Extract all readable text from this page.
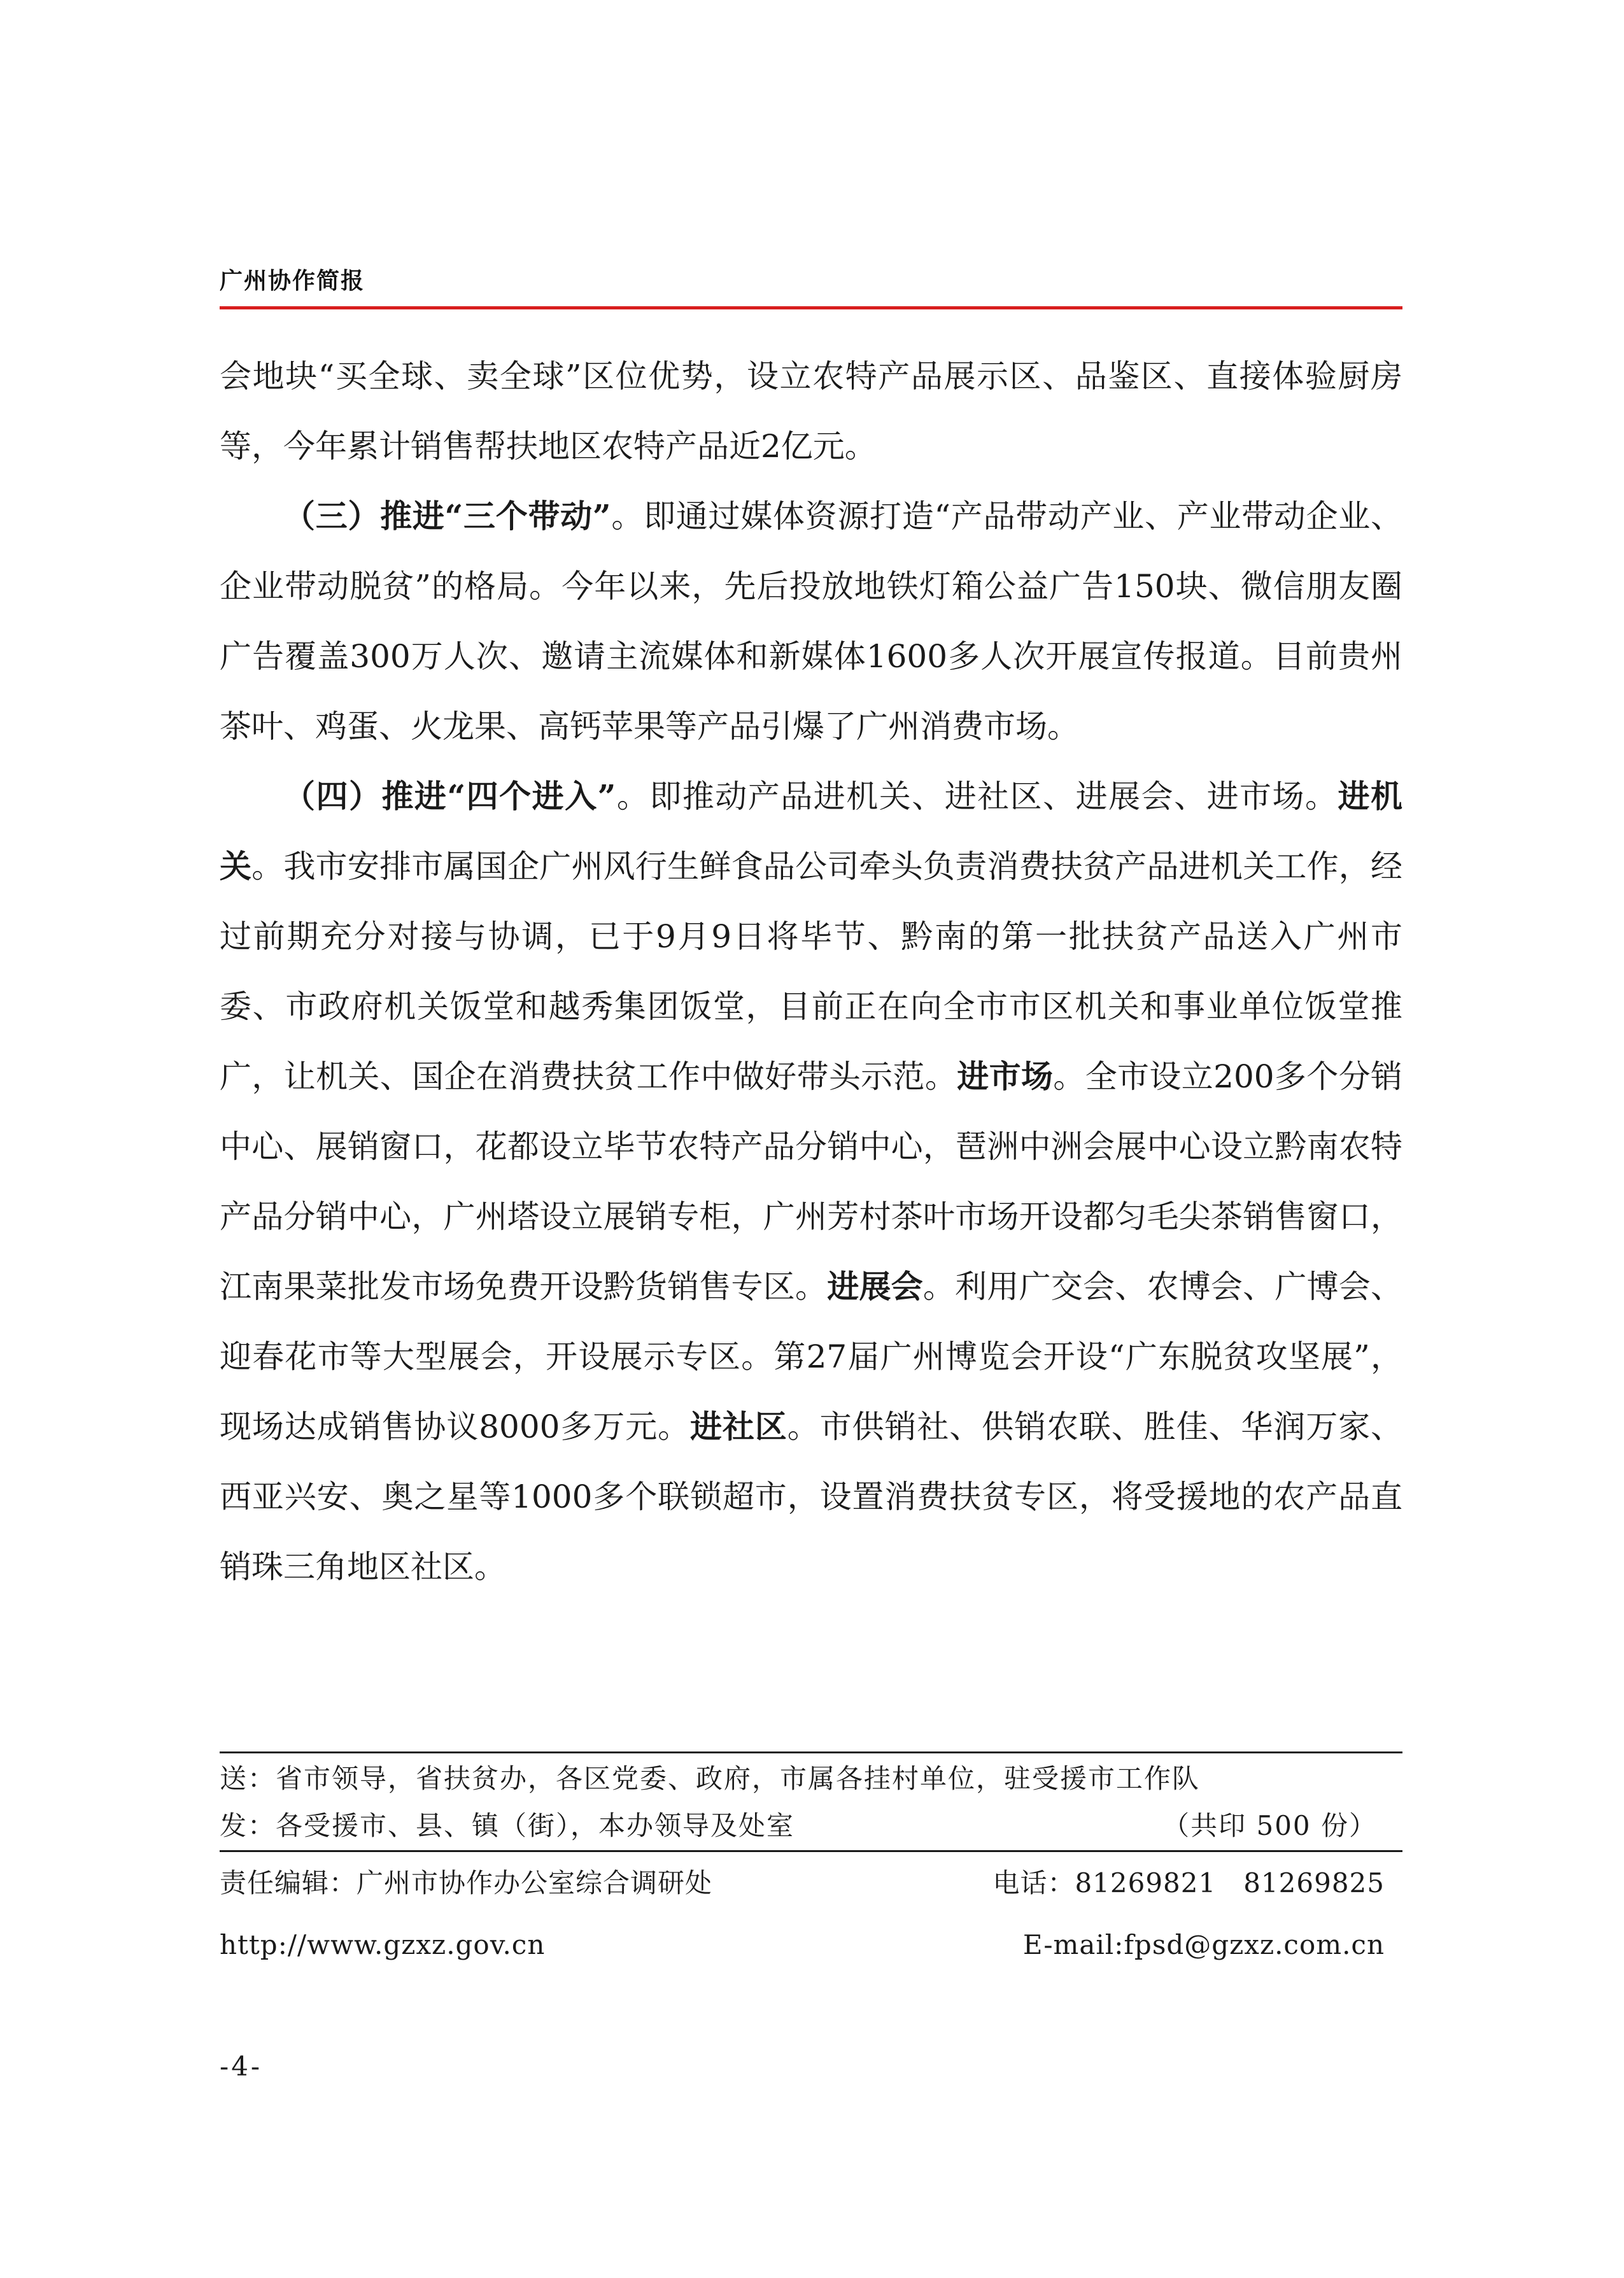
广州协作简报

会地块“买全球、卖全球”区位优势，设立农特产品展示区、品鉴区、直接体验厨房等，今年累计销售帮扶地区农特产品近2亿元。

（三）推进“三个带动”。即通过媒体资源打造“产品带动产业、产业带动企业、企业带动脱贫”的格局。今年以来，先后投放地铁灯箱公益广告150块、微信朋友圈广告覆盖300万人次、邀请主流媒体和新媒体1600多人次开展宣传报道。目前贵州茶叶、鸡蛋、火龙果、高钙苹果等产品引爆了广州消费市场。

（四）推进“四个进入”。即推动产品进机关、进社区、进展会、进市场。进机关。我市安排市属国企广州风行生鲜食品公司牵头负责消费扶贫产品进机关工作，经过前期充分对接与协调，已于9月9日将毕节、黔南的第一批扶贫产品送入广州市委、市政府机关饭堂和越秀集团饭堂，目前正在向全市市区机关和事业单位饭堂推广，让机关、国企在消费扶贫工作中做好带头示范。进市场。全市设立200多个分销中心、展销窗口，花都设立毕节农特产品分销中心，琶洲中洲会展中心设立黔南农特产品分销中心，广州塔设立展销专柜，广州芳村茶叶市场开设都匀毛尖茶销售窗口，江南果菜批发市场免费开设黔货销售专区。进展会。利用广交会、农博会、广博会、迎春花市等大型展会，开设展示专区。第27届广州博览会开设“广东脱贫攻坚展”，现场达成销售协议8000多万元。进社区。市供销社、供销农联、胜佳、华润万家、西亚兴安、奥之星等1000多个联锁超市，设置消费扶贫专区，将受援地的农产品直销珠三角地区社区。

送：省市领导，省扶贫办，各区党委、政府，市属各挂村单位，驻受援市工作队
发：各受援市、县、镇（街），本办领导及处室	（共印 500 份）
责任编辑：广州市协作办公室综合调研处	电话：81269821　81269825
http://www.gzxz.gov.cn	E-mail:fpsd@gzxz.com.cn
-4-
